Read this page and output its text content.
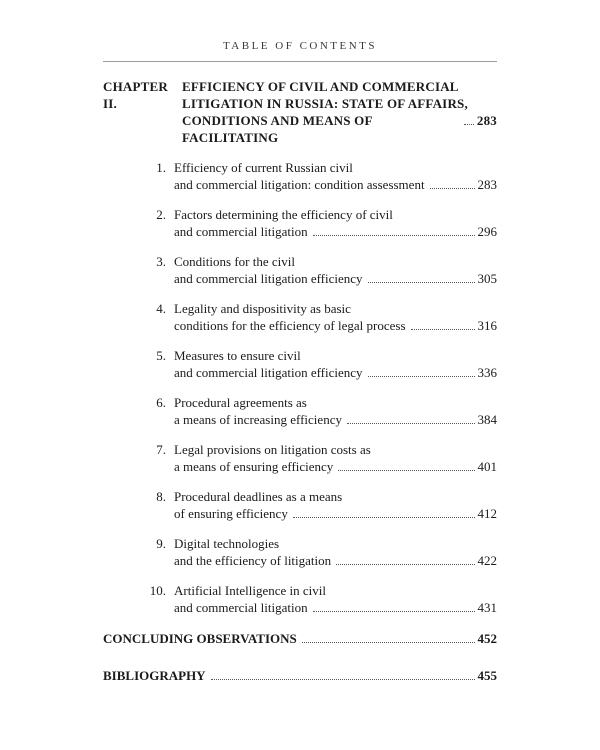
TABLE OF CONTENTS
CHAPTER II.
EFFICIENCY OF CIVIL AND COMMERCIAL
LITIGATION IN RUSSIA: STATE OF AFFAIRS,
CONDITIONS AND MEANS OF FACILITATING
283
1. Efficiency of current Russian civil
and commercial litigation: condition assessment	283
2. Factors determining the efficiency of civil
and commercial litigation	296
3. Conditions for the civil
and commercial litigation efficiency	305
4. Legality and dispositivity as basic
conditions for the efficiency of legal process	316
5. Measures to ensure civil
and commercial litigation efficiency	336
6. Procedural agreements as
a means of increasing efficiency	384
7. Legal provisions on litigation costs as
a means of ensuring efficiency	401
8. Procedural deadlines as a means
of ensuring efficiency	412
9. Digital technologies
and the efficiency of litigation	422
10. Artificial Intelligence in civil
and commercial litigation	431
CONCLUDING OBSERVATIONS	452
BIBLIOGRAPHY	455
